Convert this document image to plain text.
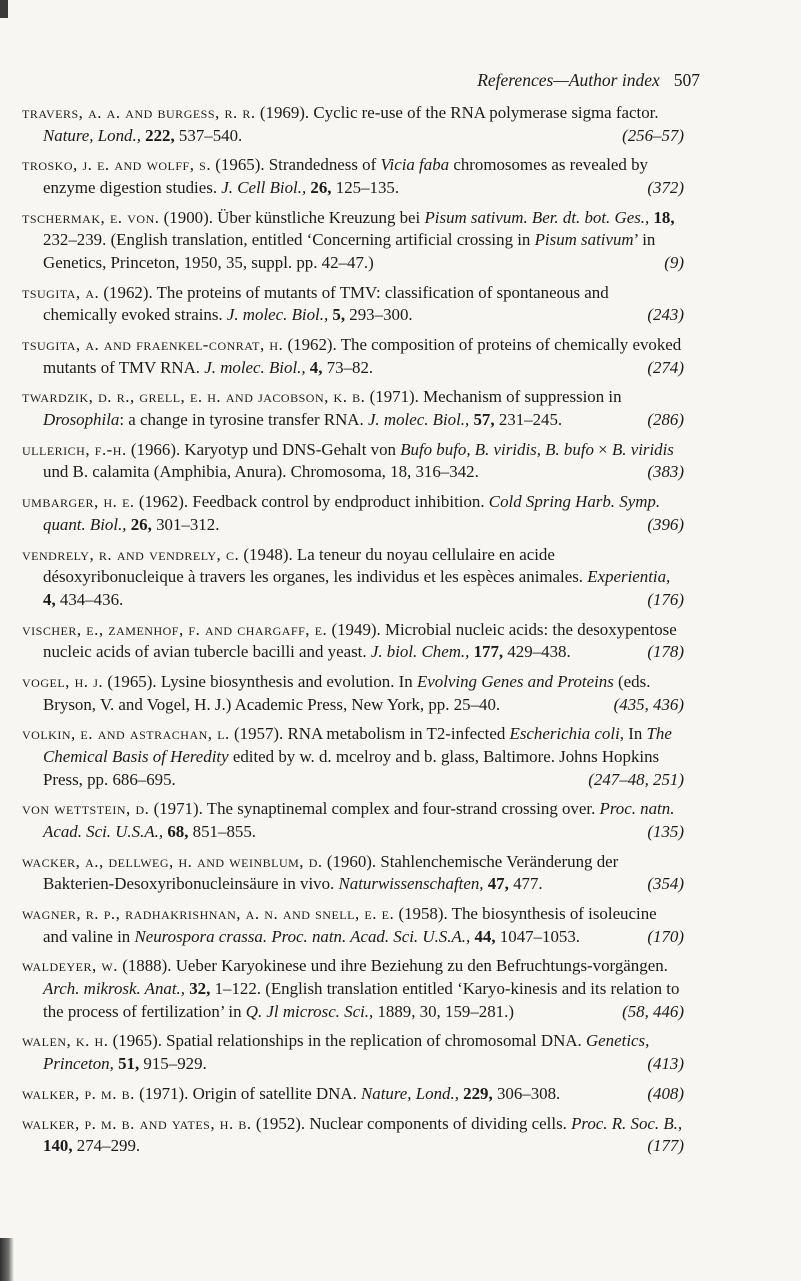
References—Author index 507
travers, a. a. and burgess, r. r. (1969). Cyclic re-use of the RNA polymerase sigma factor. Nature, Lond., 222, 537–540.	(256–57)
trosko, j. e. and wolff, s. (1965). Strandedness of Vicia faba chromosomes as revealed by enzyme digestion studies. J. Cell Biol., 26, 125–135.	(372)
tschermak, e. von. (1900). Über künstliche Kreuzung bei Pisum sativum. Ber. dt. bot. Ges., 18, 232–239. (English translation, entitled ‘Concerning artificial crossing in Pisum sativum’ in Genetics, Princeton, 1950, 35, suppl. pp. 42–47.)	(9)
tsugita, a. (1962). The proteins of mutants of TMV: classification of spontaneous and chemically evoked strains. J. molec. Biol., 5, 293–300.	(243)
tsugita, a. and fraenkel-conrat, h. (1962). The composition of proteins of chemically evoked mutants of TMV RNA. J. molec. Biol., 4, 73–82.	(274)
twardzik, d. r., grell, e. h. and jacobson, k. b. (1971). Mechanism of suppression in Drosophila: a change in tyrosine transfer RNA. J. molec. Biol., 57, 231–245.	(286)
ullerich, f.-h. (1966). Karyotyp und DNS-Gehalt von Bufo bufo, B. viridis, B. bufo × B. viridis und B. calamita (Amphibia, Anura). Chromosoma, 18, 316–342.	(383)
umbarger, h. e. (1962). Feedback control by endproduct inhibition. Cold Spring Harb. Symp. quant. Biol., 26, 301–312.	(396)
vendrely, r. and vendrely, c. (1948). La teneur du noyau cellulaire en acide désoxyribonucleique à travers les organes, les individus et les espèces animales. Experientia, 4, 434–436.	(176)
vischer, e., zamenhof, f. and chargaff, e. (1949). Microbial nucleic acids: the desoxypentose nucleic acids of avian tubercle bacilli and yeast. J. biol. Chem., 177, 429–438.	(178)
vogel, h. j. (1965). Lysine biosynthesis and evolution. In Evolving Genes and Proteins (eds. Bryson, V. and Vogel, H. J.) Academic Press, New York, pp. 25–40.	(435, 436)
volkin, e. and astrachan, l. (1957). RNA metabolism in T2-infected Escherichia coli, In The Chemical Basis of Heredity edited by w. d. mcelroy and b. glass, Baltimore. Johns Hopkins Press, pp. 686–695.	(247–48, 251)
von wettstein, d. (1971). The synaptinemal complex and four-strand crossing over. Proc. natn. Acad. Sci. U.S.A., 68, 851–855.	(135)
wacker, a., dellweg, h. and weinblum, d. (1960). Stahlenchemische Veränderung der Bakterien-Desoxyribonucleinsäure in vivo. Naturwissenschaften, 47, 477.	(354)
wagner, r. p., radhakrishnan, a. n. and snell, e. e. (1958). The biosynthesis of isoleucine and valine in Neurospora crassa. Proc. natn. Acad. Sci. U.S.A., 44, 1047–1053.	(170)
waldeyer, w. (1888). Ueber Karyokinese und ihre Beziehung zu den Befruchtungs-vorgängen. Arch. mikrosk. Anat., 32, 1–122. (English translation entitled ‘Karyo-kinesis and its relation to the process of fertilization’ in Q. Jl microsc. Sci., 1889, 30, 159–281.)	(58, 446)
walen, k. h. (1965). Spatial relationships in the replication of chromosomal DNA. Genetics, Princeton, 51, 915–929.	(413)
walker, p. m. b. (1971). Origin of satellite DNA. Nature, Lond., 229, 306–308.	(408)
walker, p. m. b. and yates, h. b. (1952). Nuclear components of dividing cells. Proc. R. Soc. B., 140, 274–299.	(177)
